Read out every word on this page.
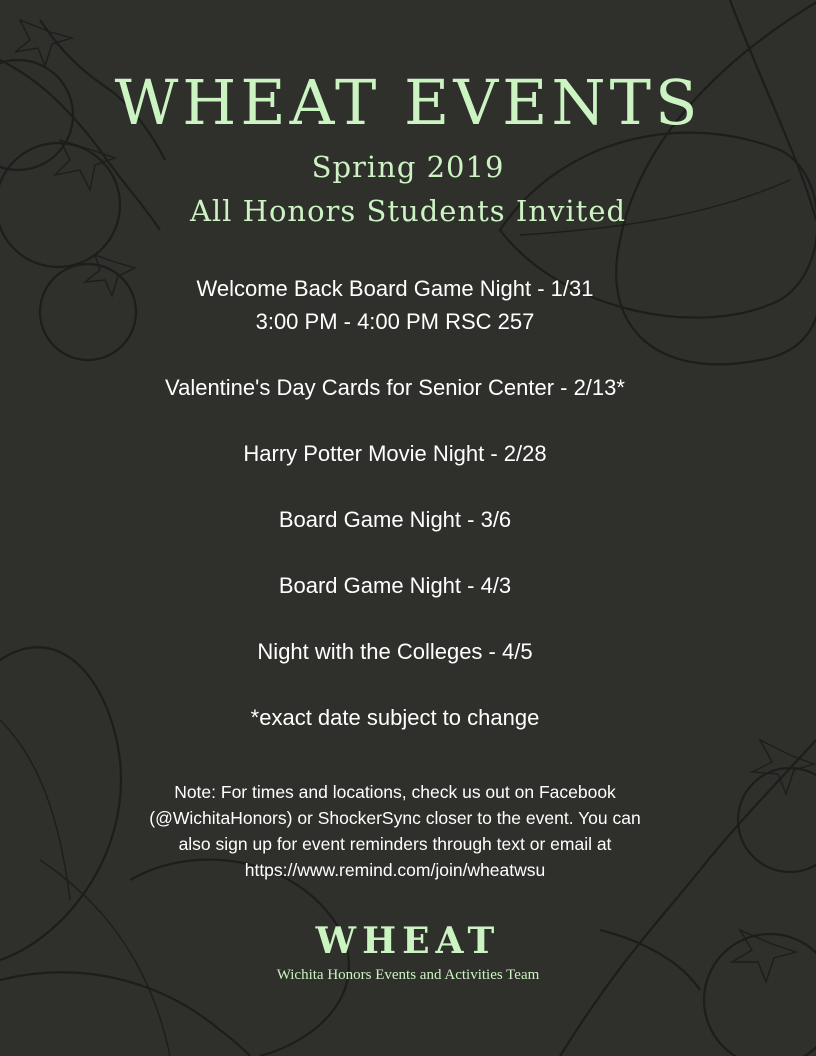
WHEAT EVENTS
Spring 2019
All Honors Students Invited
Welcome Back Board Game Night - 1/31
3:00 PM - 4:00 PM RSC 257
Valentine's Day Cards for Senior Center - 2/13*
Harry Potter Movie Night - 2/28
Board Game Night - 3/6
Board Game Night - 4/3
Night with the Colleges - 4/5
*exact date subject to change
Note: For times and locations, check us out on Facebook (@WichitaHonors) or ShockerSync closer to the event. You can also sign up for event reminders through text or email at https://www.remind.com/join/wheatwsu
WHEAT
Wichita Honors Events and Activities Team
